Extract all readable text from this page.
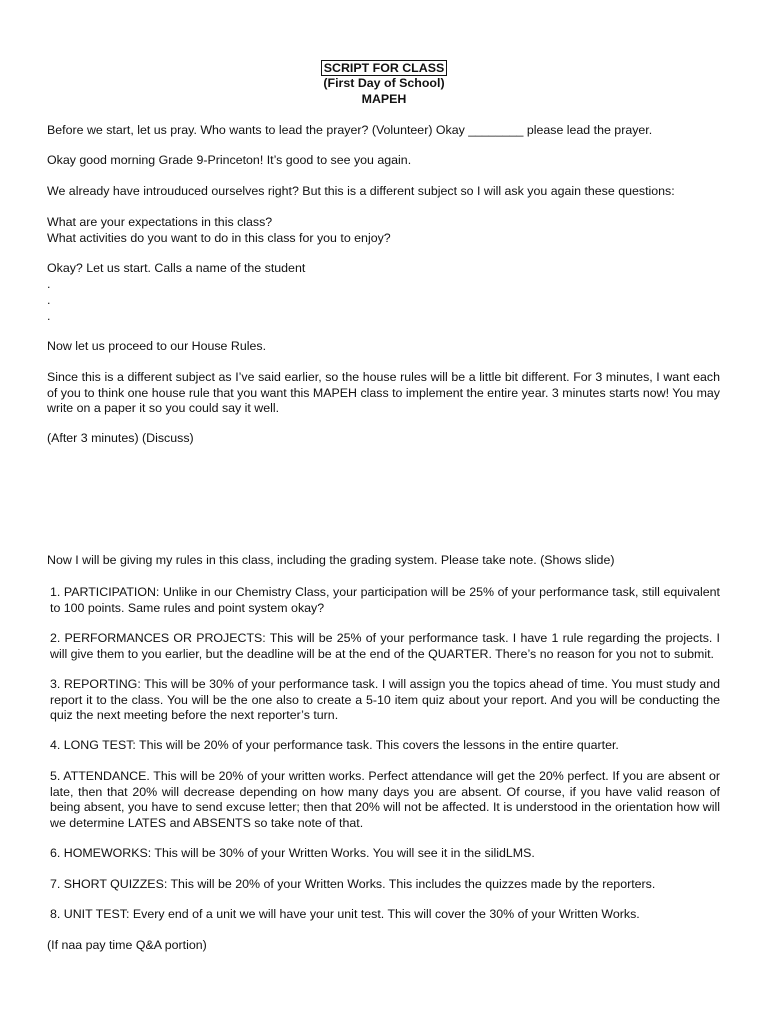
SCRIPT FOR CLASS
(First Day of School)
MAPEH
Before we start, let us pray. Who wants to lead the prayer? (Volunteer) Okay ________ please lead the prayer.
Okay good morning Grade 9-Princeton! It’s good to see you again.
We already have introuduced ourselves right? But this is a different subject so I will ask you again these questions:
What are your expectations in this class?
What activities do you want to do in this class for you to enjoy?
Okay? Let us start. Calls a name of the student
.
.
.
Now let us proceed to our House Rules.
Since this is a different subject as I’ve said earlier, so the house rules will be a little bit different. For 3 minutes, I want each of you to think one house rule that you want this MAPEH class to implement the entire year. 3 minutes starts now! You may write on a paper it so you could say it well.
(After 3 minutes) (Discuss)
Now I will be giving my rules in this class, including the grading system. Please take note. (Shows slide)
1. PARTICIPATION: Unlike in our Chemistry Class, your participation will be 25% of your performance task, still equivalent to 100 points. Same rules and point system okay?
2. PERFORMANCES OR PROJECTS: This will be 25% of your performance task. I have 1 rule regarding the projects. I will give them to you earlier, but the deadline will be at the end of the QUARTER. There’s no reason for you not to submit.
3. REPORTING: This will be 30% of your performance task. I will assign you the topics ahead of time. You must study and report it to the class. You will be the one also to create a 5-10 item quiz about your report. And you will be conducting the quiz the next meeting before the next reporter’s turn.
4. LONG TEST: This will be 20% of your performance task. This covers the lessons in the entire quarter.
5. ATTENDANCE. This will be 20% of your written works. Perfect attendance will get the 20% perfect. If you are absent or late, then that 20% will decrease depending on how many days you are absent. Of course, if you have valid reason of being absent, you have to send excuse letter; then that 20% will not be affected. It is understood in the orientation how will we determine LATES and ABSENTS so take note of that.
6. HOMEWORKS: This will be 30% of your Written Works. You will see it in the silidLMS.
7. SHORT QUIZZES: This will be 20% of your Written Works. This includes the quizzes made by the reporters.
8. UNIT TEST: Every end of a unit we will have your unit test. This will cover the 30% of your Written Works.
(If naa pay time Q&A portion)
